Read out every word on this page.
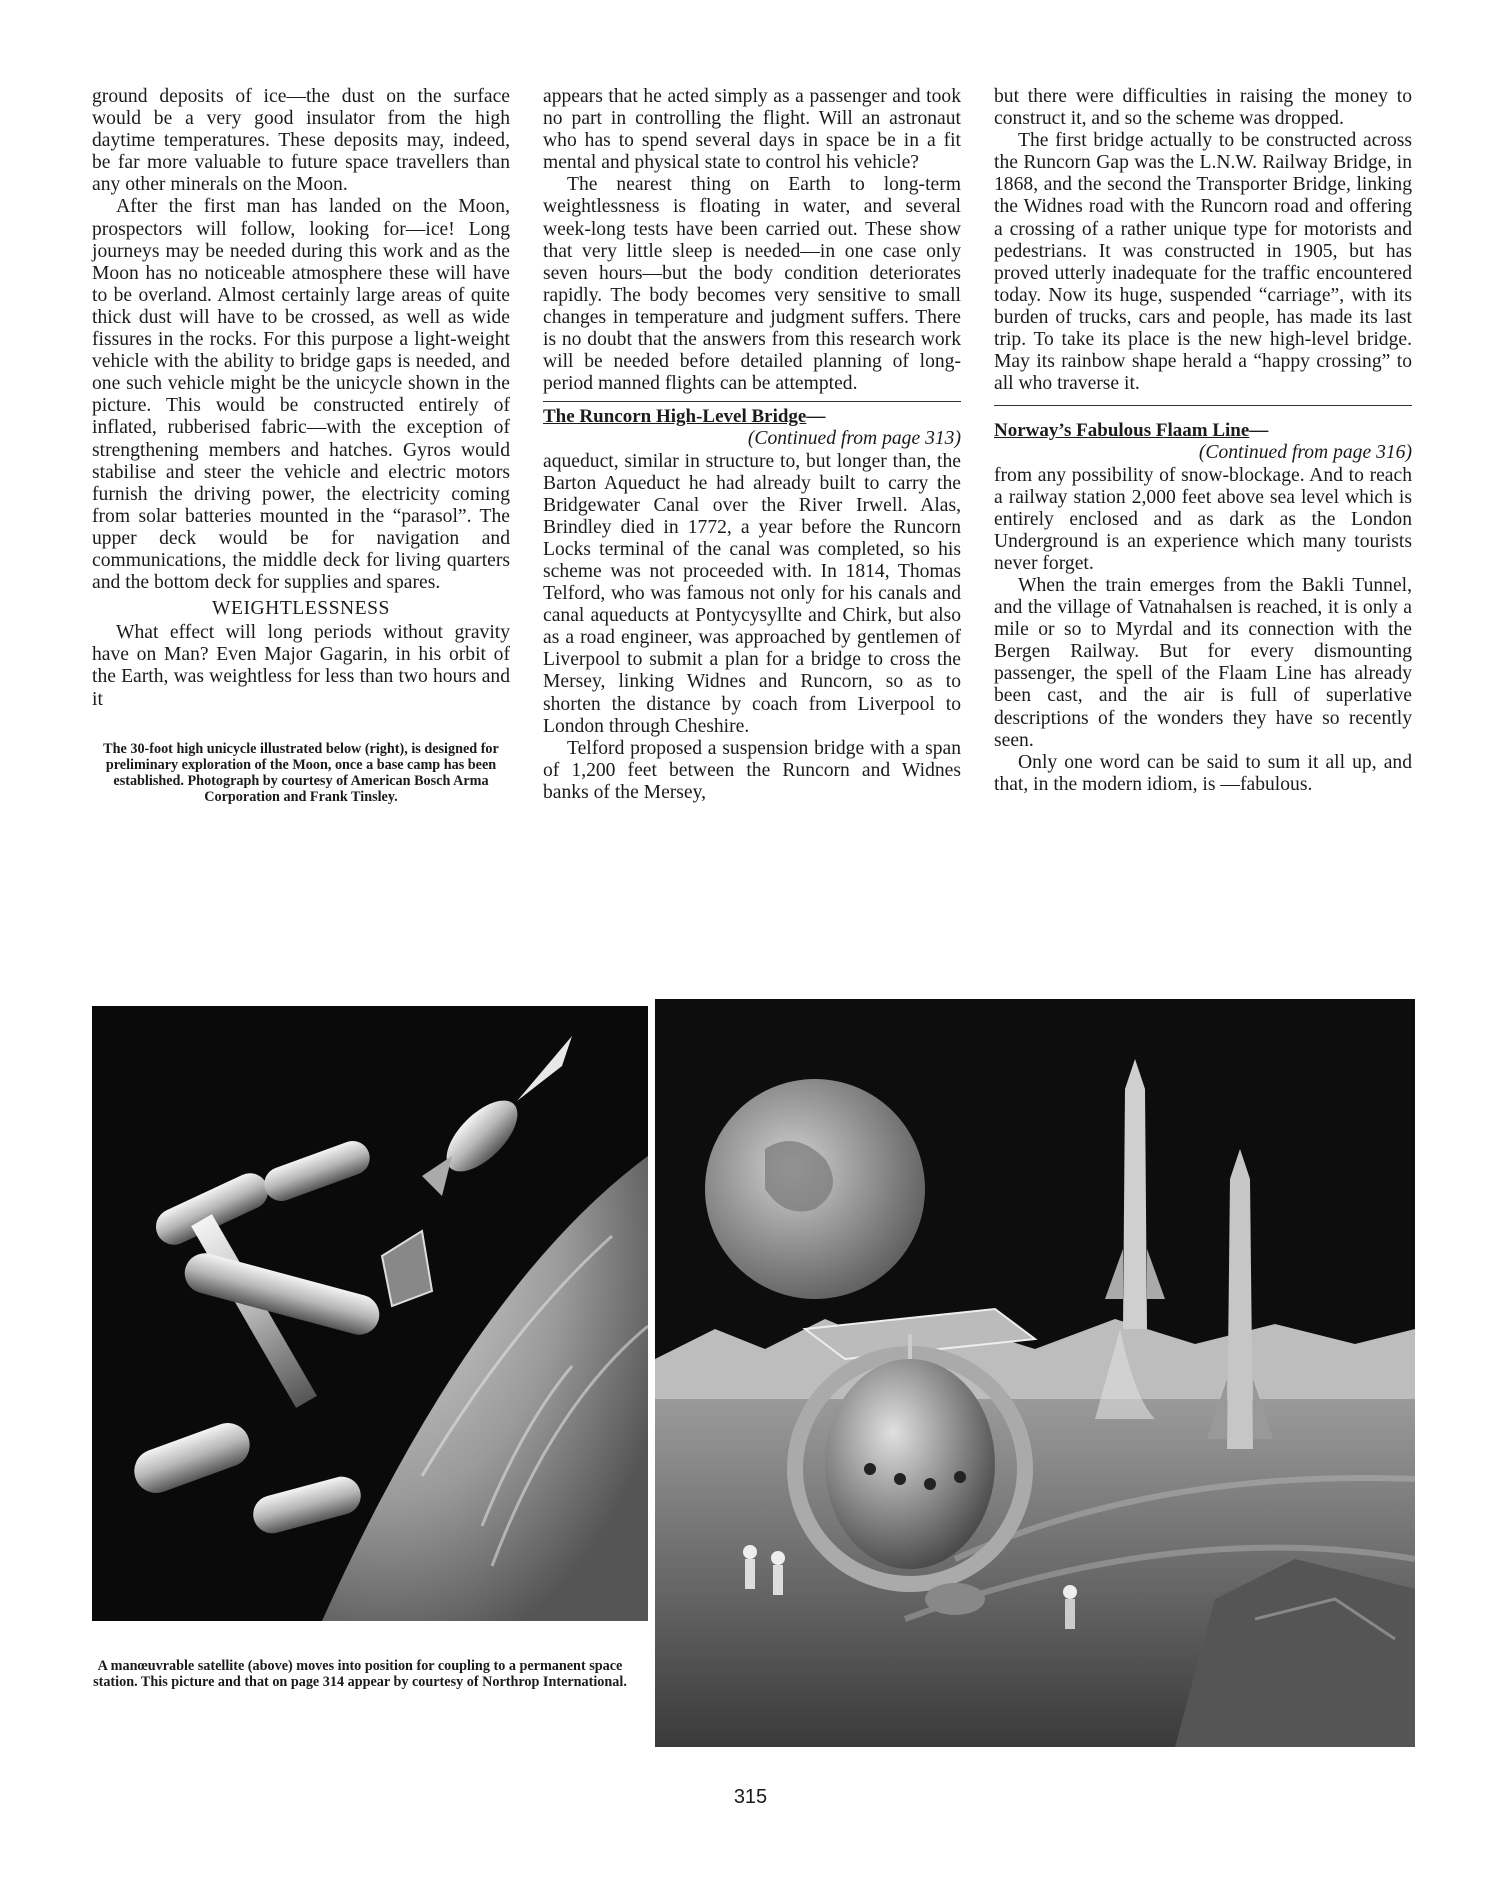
ground deposits of ice—the dust on the surface would be a very good insulator from the high daytime temperatures. These deposits may, indeed, be far more valuable to future space travellers than any other minerals on the Moon.

After the first man has landed on the Moon, prospectors will follow, looking for—ice! Long journeys may be needed during this work and as the Moon has no noticeable atmosphere these will have to be overland. Almost certainly large areas of quite thick dust will have to be crossed, as well as wide fissures in the rocks. For this purpose a light-weight vehicle with the ability to bridge gaps is needed, and one such vehicle might be the unicycle shown in the picture. This would be constructed entirely of inflated, rubberised fabric—with the exception of strengthening members and hatches. Gyros would stabilise and steer the vehicle and electric motors furnish the driving power, the electricity coming from solar batteries mounted in the “parasol”. The upper deck would be for navigation and communications, the middle deck for living quarters and the bottom deck for supplies and spares.

WEIGHTLESSNESS

What effect will long periods without gravity have on Man? Even Major Gagarin, in his orbit of the Earth, was weightless for less than two hours and it

The 30-foot high unicycle illustrated below (right), is designed for preliminary exploration of the Moon, once a base camp has been established. Photograph by courtesy of American Bosch Arma Corporation and Frank Tinsley.

appears that he acted simply as a passenger and took no part in controlling the flight. Will an astronaut who has to spend several days in space be in a fit mental and physical state to control his vehicle?

The nearest thing on Earth to long-term weightlessness is floating in water, and several week-long tests have been carried out. These show that very little sleep is needed—in one case only seven hours—but the body condition deteriorates rapidly. The body becomes very sensitive to small changes in temperature and judgment suffers. There is no doubt that the answers from this research work will be needed before detailed planning of long-period manned flights can be attempted.

The Runcorn High-Level Bridge—
(Continued from page 313)

aqueduct, similar in structure to, but longer than, the Barton Aqueduct he had already built to carry the Bridgewater Canal over the River Irwell. Alas, Brindley died in 1772, a year before the Runcorn Locks terminal of the canal was completed, so his scheme was not proceeded with. In 1814, Thomas Telford, who was famous not only for his canals and canal aqueducts at Pontycysyllte and Chirk, but also as a road engineer, was approached by gentlemen of Liverpool to submit a plan for a bridge to cross the Mersey, linking Widnes and Runcorn, so as to shorten the distance by coach from Liverpool to London through Cheshire.

Telford proposed a suspension bridge with a span of 1,200 feet between the Runcorn and Widnes banks of the Mersey,

but there were difficulties in raising the money to construct it, and so the scheme was dropped.

The first bridge actually to be constructed across the Runcorn Gap was the L.N.W. Railway Bridge, in 1868, and the second the Transporter Bridge, linking the Widnes road with the Runcorn road and offering a crossing of a rather unique type for motorists and pedestrians. It was constructed in 1905, but has proved utterly inadequate for the traffic encountered today. Now its huge, suspended “carriage”, with its burden of trucks, cars and people, has made its last trip. To take its place is the new high-level bridge. May its rainbow shape herald a “happy crossing” to all who traverse it.

Norway’s Fabulous Flaam Line—
(Continued from page 316)

from any possibility of snow-blockage. And to reach a railway station 2,000 feet above sea level which is entirely enclosed and as dark as the London Underground is an experience which many tourists never forget.

When the train emerges from the Bakli Tunnel, and the village of Vatnahalsen is reached, it is only a mile or so to Myrdal and its connection with the Bergen Railway. But for every dismounting passenger, the spell of the Flaam Line has already been cast, and the air is full of superlative descriptions of the wonders they have so recently seen.

Only one word can be said to sum it all up, and that, in the modern idiom, is —fabulous.

A manœuvrable satellite (above) moves into position for coupling to a permanent space station. This picture and that on page 314 appear by courtesy of Northrop International.
315
